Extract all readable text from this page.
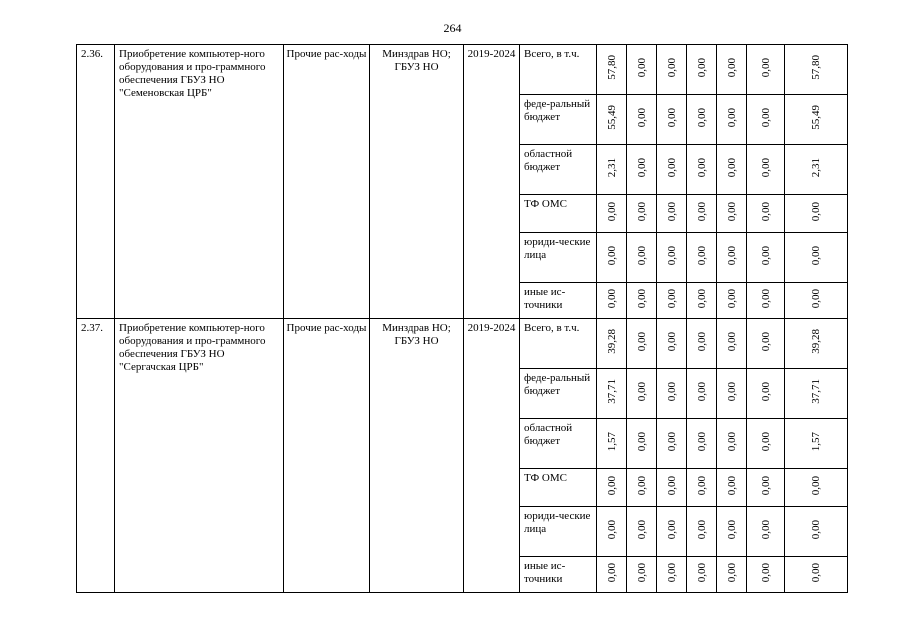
264
2.36.	Приобретение компьютер-ного оборудования и про-граммного обеспечения ГБУЗ НО "Семеновская ЦРБ"	Прочие рас-ходы	Минздрав НО; ГБУЗ НО	2019-2024	Всего, в т.ч.	57,80	0,00	0,00	0,00	0,00	0,00	57,80
					феде-ральный бюджет	55,49	0,00	0,00	0,00	0,00	0,00	55,49
					областной бюджет	2,31	0,00	0,00	0,00	0,00	0,00	2,31
					ТФ ОМС	0,00	0,00	0,00	0,00	0,00	0,00	0,00
					юриди-ческие лица	0,00	0,00	0,00	0,00	0,00	0,00	0,00
					иные ис-точники	0,00	0,00	0,00	0,00	0,00	0,00	0,00
2.37.	Приобретение компьютер-ного оборудования и про-граммного обеспечения ГБУЗ НО "Сергачская ЦРБ"	Прочие рас-ходы	Минздрав НО; ГБУЗ НО	2019-2024	Всего, в т.ч.	39,28	0,00	0,00	0,00	0,00	0,00	39,28
					феде-ральный бюджет	37,71	0,00	0,00	0,00	0,00	0,00	37,71
					областной бюджет	1,57	0,00	0,00	0,00	0,00	0,00	1,57
					ТФ ОМС	0,00	0,00	0,00	0,00	0,00	0,00	0,00
					юриди-ческие лица	0,00	0,00	0,00	0,00	0,00	0,00	0,00
					иные ис-точники	0,00	0,00	0,00	0,00	0,00	0,00	0,00
